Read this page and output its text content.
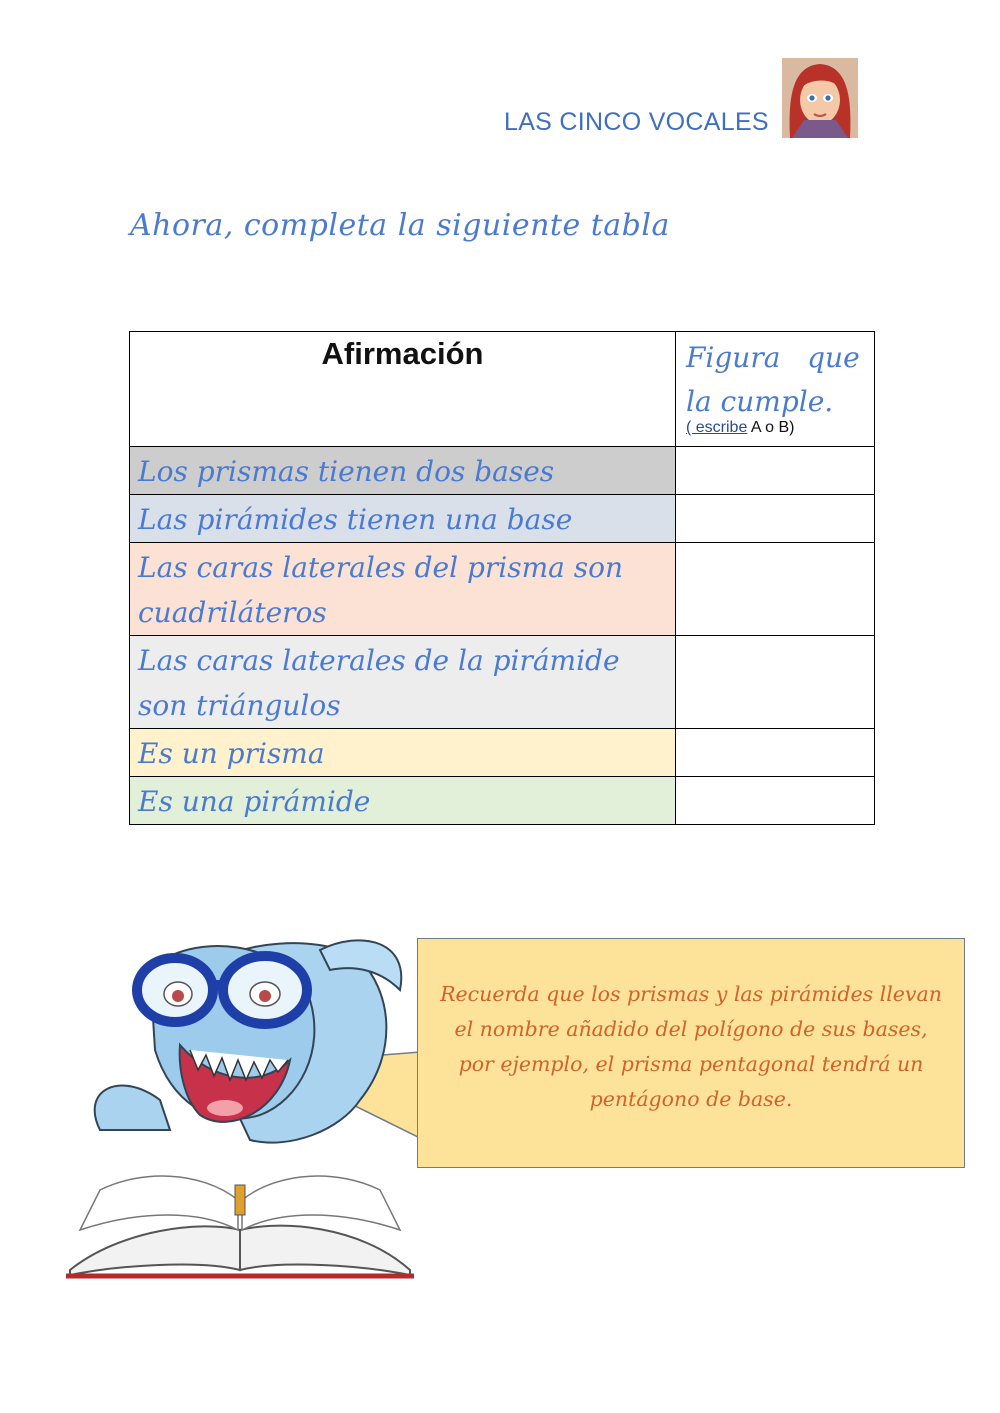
LAS CINCO VOCALES
Ahora, completa la siguiente tabla
Afirmación	Figura   que
la cumple.
( escribe A o B)

Los prismas tienen dos bases	
Las pirámides tienen una base	
Las caras laterales del prisma son cuadriláteros	
Las caras laterales de la pirámide son triángulos	
Es un prisma	
Es una pirámide	
Recuerda que los prismas y las pirámides llevan el nombre añadido del polígono de sus bases, por ejemplo, el prisma pentagonal tendrá un pentágono de base.
